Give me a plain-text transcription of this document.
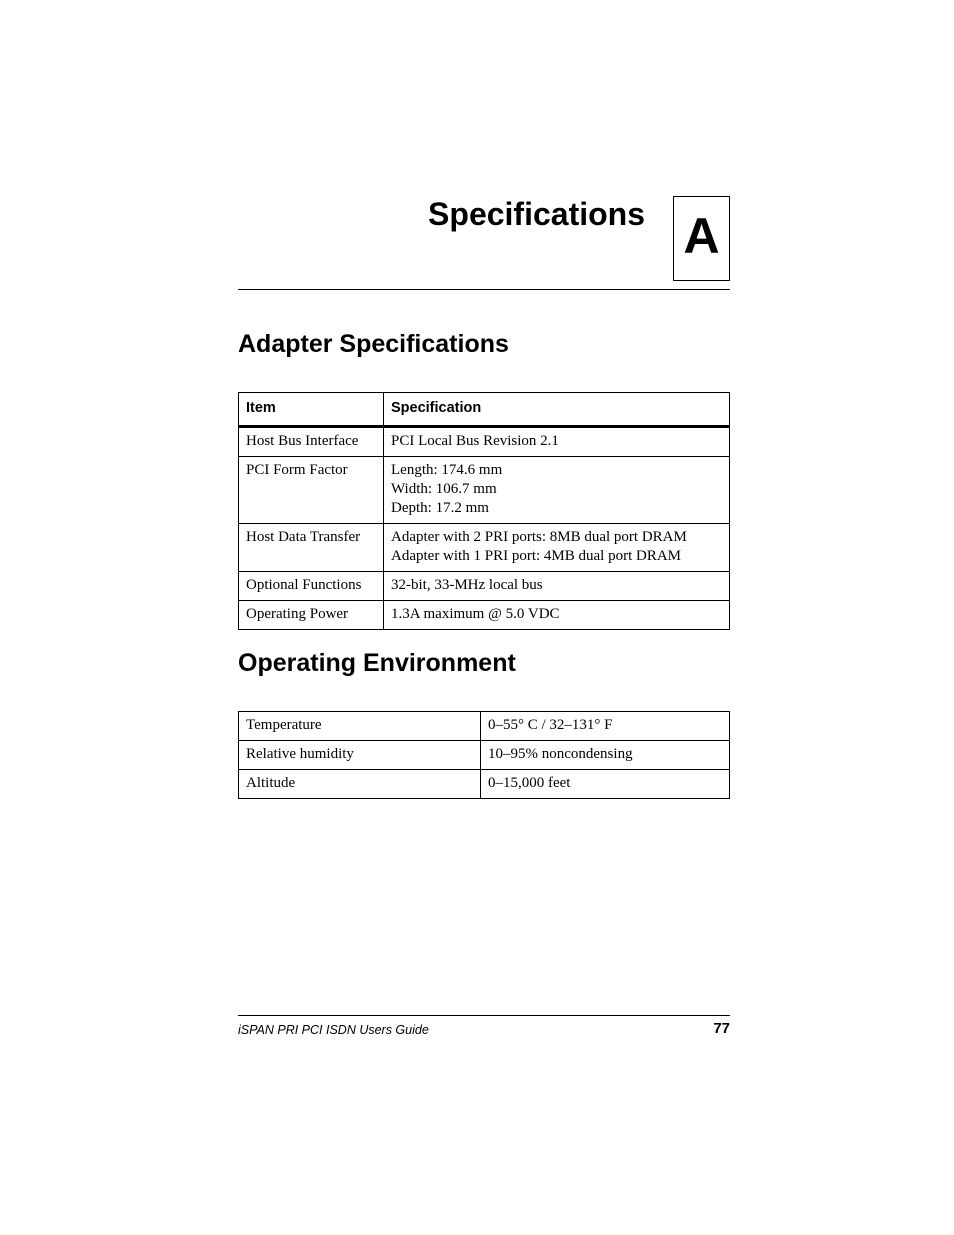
Specifications A
Adapter Specifications
Item	Specification
Host Bus Interface	PCI Local Bus Revision 2.1

PCI Form Factor	Length: 174.6 mm
Width: 106.7 mm
Depth: 17.2 mm

Host Data Transfer	Adapter with 2 PRI ports: 8MB dual port DRAM
Adapter with 1 PRI port: 4MB dual port DRAM

Optional Functions	32-bit, 33-MHz local bus

Operating Power	1.3A maximum @ 5.0 VDC
Operating Environment
Temperature	0–55° C / 32–131° F
Relative humidity	10–95% noncondensing
Altitude	0–15,000 feet
iSPAN PRI PCI ISDN Users Guide	77
